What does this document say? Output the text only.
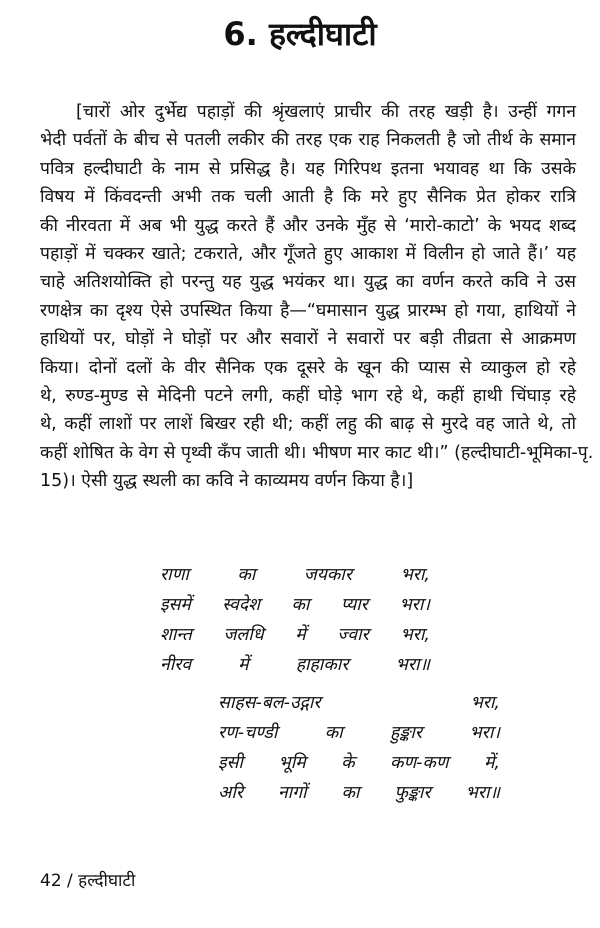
6. हल्दीघाटी
[चारों ओर दुर्भेद्य पहाड़ों की श्रृंखलाएं प्राचीर की तरह खड़ी है। उन्हीं गगन
भेदी पर्वतों के बीच से पतली लकीर की तरह एक राह निकलती है जो तीर्थ के समान
पवित्र हल्दीघाटी के नाम से प्रसिद्ध है। यह गिरिपथ इतना भयावह था कि उसके
विषय में किंवदन्ती अभी तक चली आती है कि मरे हुए सैनिक प्रेत होकर रात्रि
की नीरवता में अब भी युद्ध करते हैं और उनके मुँह से ‘मारो-काटो’ के भयद शब्द
पहाड़ों में चक्कर खाते; टकराते, और गूँजते हुए आकाश में विलीन हो जाते हैं।’ यह
चाहे अतिशयोक्ति हो परन्तु यह युद्ध भयंकर था। युद्ध का वर्णन करते कवि ने उस
रणक्षेत्र का दृश्य ऐसे उपस्थित किया है—“घमासान युद्ध प्रारम्भ हो गया, हाथियों ने
हाथियों पर, घोड़ों ने घोड़ों पर और सवारों ने सवारों पर बड़ी तीव्रता से आक्रमण
किया। दोनों दलों के वीर सैनिक एक दूसरे के खून की प्यास से व्याकुल हो रहे
थे, रुण्ड-मुण्ड से मेदिनी पटने लगी, कहीं घोड़े भाग रहे थे, कहीं हाथी चिंघाड़ रहे
थे, कहीं लाशों पर लाशें बिखर रही थी; कहीं लहु की बाढ़ से मुरदे वह जाते थे, तो
कहीं शोषित के वेग से पृथ्वी कँप जाती थी। भीषण मार काट थी।” (हल्दीघाटी-भूमिका-पृ.
15)। ऐसी युद्ध स्थली का कवि ने काव्यमय वर्णन किया है।]
राणा का जयकार भरा,
इसमें स्वदेश का प्यार भरा।
शान्त जलधि में ज्वार भरा,
नीरव में हाहाकार भरा॥
साहस-बल-उद्गार भरा,
रण-चण्डी का हुङ्कार भरा।
इसी भूमि के कण-कण में,
अरि नागों का फुङ्कार भरा॥
42 / हल्दीघाटी
